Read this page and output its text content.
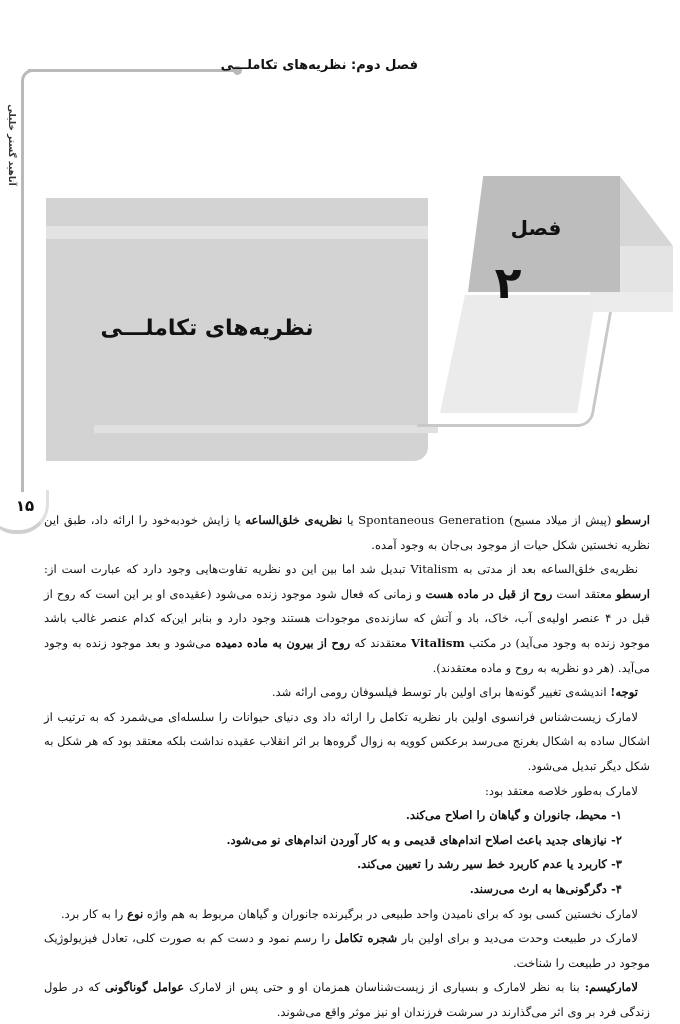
فصل دوم: نظریه‌های تکاملـــی
آناهید گستر خلیلی
۱۵
نظریه‌های تکاملـــی
فصل
۲

ارسطو (پیش از میلاد مسیح) Spontaneous Generation یا نظریه‌ی خلق‌الساعه یا زایش خودبه‌خود را ارائه داد، طبق این نظریه نخستین شکل حیات از موجود بی‌جان به وجود آمده.

نظریه‌ی خلق‌الساعه بعد از مدتی به Vitalism تبدیل شد اما بین این دو نظریه تفاوت‌هایی وجود دارد که عبارت است از: ارسطو معتقد است روح از قبل در ماده هست و زمانی که فعال شود موجود زنده می‌شود (عقیده‌ی او بر این است که روح از قبل در ۴ عنصر اولیه‌ی آب، خاک، باد و آتش که سازنده‌ی موجودات هستند وجود دارد و بنابر این‌که کدام عنصر غالب باشد موجود زنده به وجود می‌آید) در مکتب Vitalism معتقدند که روح از بیرون به ماده دمیده می‌شود و بعد موجود زنده به وجود می‌آید. (هر دو نظریه به روح و ماده معتقدند).

توجه! اندیشه‌ی تغییر گونه‌ها برای اولین بار توسط فیلسوفان رومی ارائه شد.

لامارک زیست‌شناس فرانسوی اولین بار نظریه تکامل را ارائه داد وی دنیای حیوانات را سلسله‌ای می‌شمرد که به ترتیب از اشکال ساده به اشکال بغرنج می‌رسد برعکس کوویه به زوال گروه‌ها بر اثر انقلاب عقیده نداشت بلکه معتقد بود که هر شکل به شکل دیگر تبدیل می‌شود.

لامارک به‌طور خلاصه معتقد بود:

۱- محیط، جانوران و گیاهان را اصلاح می‌کند.

۲- نیازهای جدید باعث اصلاح اندام‌های قدیمی و به کار آوردن اندام‌های نو می‌شود.

۳- کاربرد یا عدم کاربرد خط سیر رشد را تعیین می‌کند.

۴- دگرگونی‌ها به ارث می‌رسند.

لامارک نخستین کسی بود که برای نامیدن واحد طبیعی در برگیرنده جانوران و گیاهان مربوط به هم واژه نوع را به کار برد.

لامارک در طبیعت وحدت می‌دید و برای اولین بار شجره تکامل را رسم نمود و دست کم به صورت کلی، تعادل فیزیولوژیک موجود در طبیعت را شناخت.

لامارکیسم: بنا به نظر لامارک و بسیاری از زیست‌شناسان همزمان او و حتی پس از لامارک عوامل گوناگونی که در طول زندگی فرد بر وی اثر می‌گذارند در سرشت فرزندان او نیز موثر واقع می‌شوند.
